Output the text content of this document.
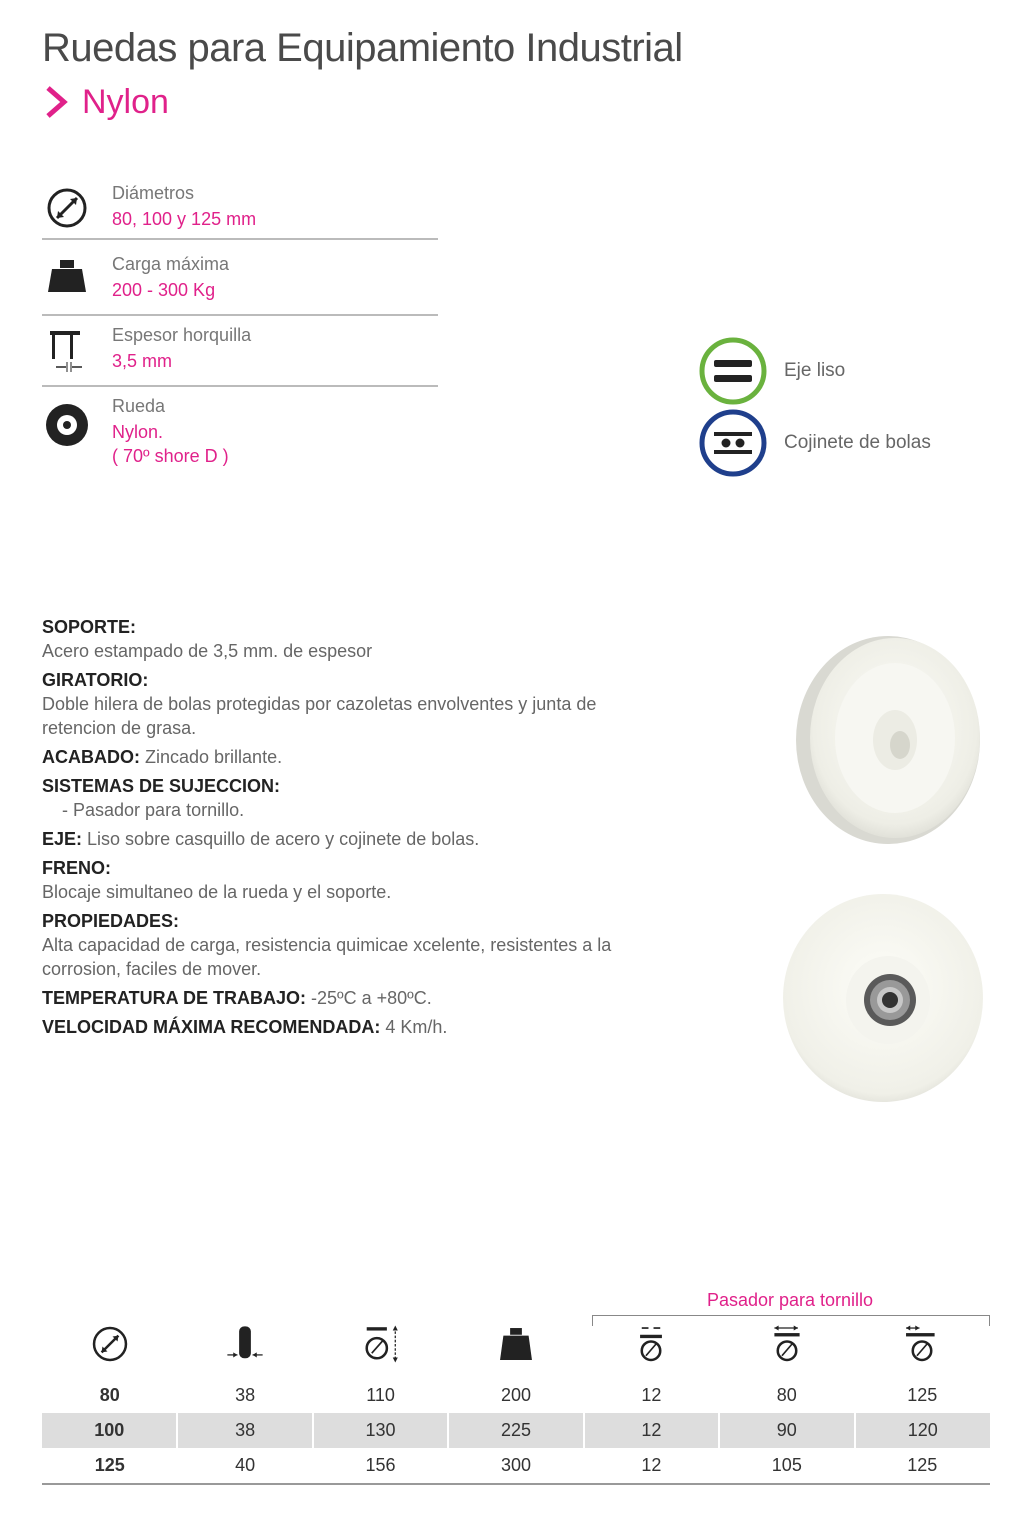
Ruedas para Equipamiento Industrial
Nylon
Diámetros
80, 100 y 125 mm
Carga máxima
200 - 300 Kg
Espesor horquilla
3,5 mm
Rueda
Nylon.
( 70º shore D )
Eje liso
Cojinete de bolas

SOPORTE:
Acero estampado de 3,5 mm. de espesor

GIRATORIO:
Doble hilera de bolas protegidas por cazoletas envolventes y junta de retencion de grasa.

ACABADO: Zincado brillante.

SISTEMAS DE SUJECCION:
- Pasador para tornillo.

EJE: Liso sobre casquillo de acero y cojinete de bolas.

FRENO:
Blocaje simultaneo de la rueda y el soporte.

PROPIEDADES:
Alta capacidad de carga, resistencia quimicae xcelente, resistentes a la corrosion, faciles de mover.

TEMPERATURA DE TRABAJO: -25ºC a +80ºC.

VELOCIDAD MÁXIMA RECOMENDADA: 4 Km/h.

Pasador para tornillo

80	38	110	200	12	80	125
100	38	130	225	12	90	120
125	40	156	300	12	105	125
